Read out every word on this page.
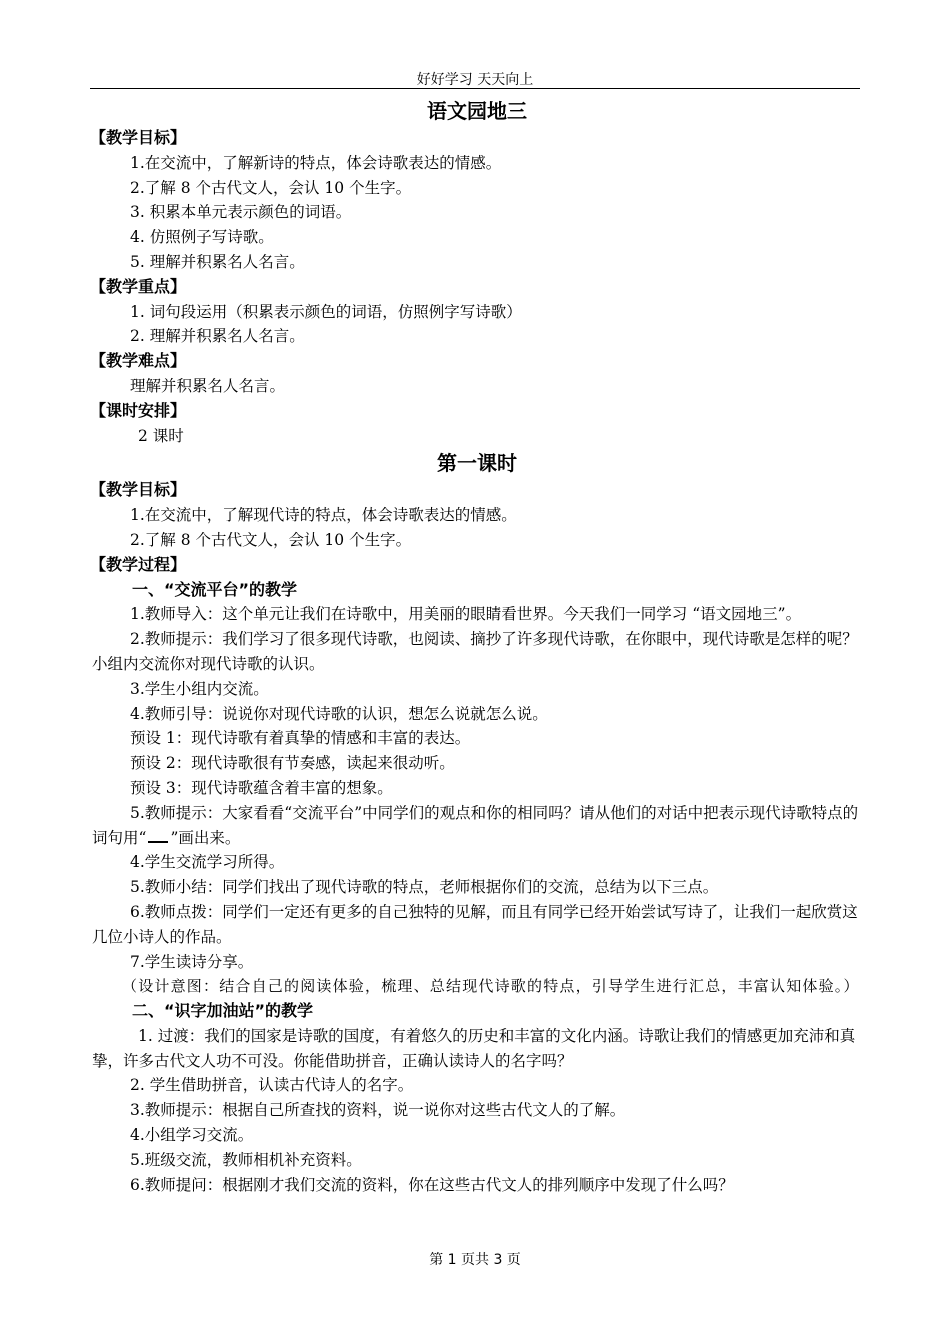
好好学习 天天向上
语文园地三
【教学目标】

1.在交流中，了解新诗的特点，体会诗歌表达的情感。

2.了解 8 个古代文人，会认 10 个生字。

3. 积累本单元表示颜色的词语。

4. 仿照例子写诗歌。

5. 理解并积累名人名言。

【教学重点】

1. 词句段运用（积累表示颜色的词语，仿照例字写诗歌）

2. 理解并积累名人名言。

【教学难点】

理解并积累名人名言。

【课时安排】

2 课时

第一课时
【教学目标】

1.在交流中，了解现代诗的特点，体会诗歌表达的情感。

2.了解 8 个古代文人，会认 10 个生字。

【教学过程】
一、“交流平台”的教学

1.教师导入：这个单元让我们在诗歌中，用美丽的眼睛看世界。今天我们一同学习 “语文园地三”。

2.教师提示：我们学习了很多现代诗歌，也阅读、摘抄了许多现代诗歌，在你眼中，现代诗歌是怎样的呢？小组内交流你对现代诗歌的认识。

3.学生小组内交流。

4.教师引导：说说你对现代诗歌的认识，想怎么说就怎么说。

预设 1：现代诗歌有着真挚的情感和丰富的表达。

预设 2：现代诗歌很有节奏感，读起来很动听。

预设 3：现代诗歌蕴含着丰富的想象。

5.教师提示：大家看看“交流平台”中同学们的观点和你的相同吗？请从他们的对话中把表示现代诗歌特点的词句用“ ”画出来。

4.学生交流学习所得。

5.教师小结：同学们找出了现代诗歌的特点，老师根据你们的交流，总结为以下三点。

6.教师点拨：同学们一定还有更多的自己独特的见解，而且有同学已经开始尝试写诗了，让我们一起欣赏这几位小诗人的作品。

7.学生读诗分享。

（设计意图：结合自己的阅读体验，梳理、总结现代诗歌的特点，引导学生进行汇总，丰富认知体验。）

二、“识字加油站”的教学

1. 过渡：我们的国家是诗歌的国度，有着悠久的历史和丰富的文化内涵。诗歌让我们的情感更加充沛和真挚，许多古代文人功不可没。你能借助拼音，正确认读诗人的名字吗？

2. 学生借助拼音，认读古代诗人的名字。

3.教师提示：根据自己所查找的资料，说一说你对这些古代文人的了解。

4.小组学习交流。

5.班级交流，教师相机补充资料。

6.教师提问：根据刚才我们交流的资料，你在这些古代文人的排列顺序中发现了什么吗？

第 1 页共 3 页
